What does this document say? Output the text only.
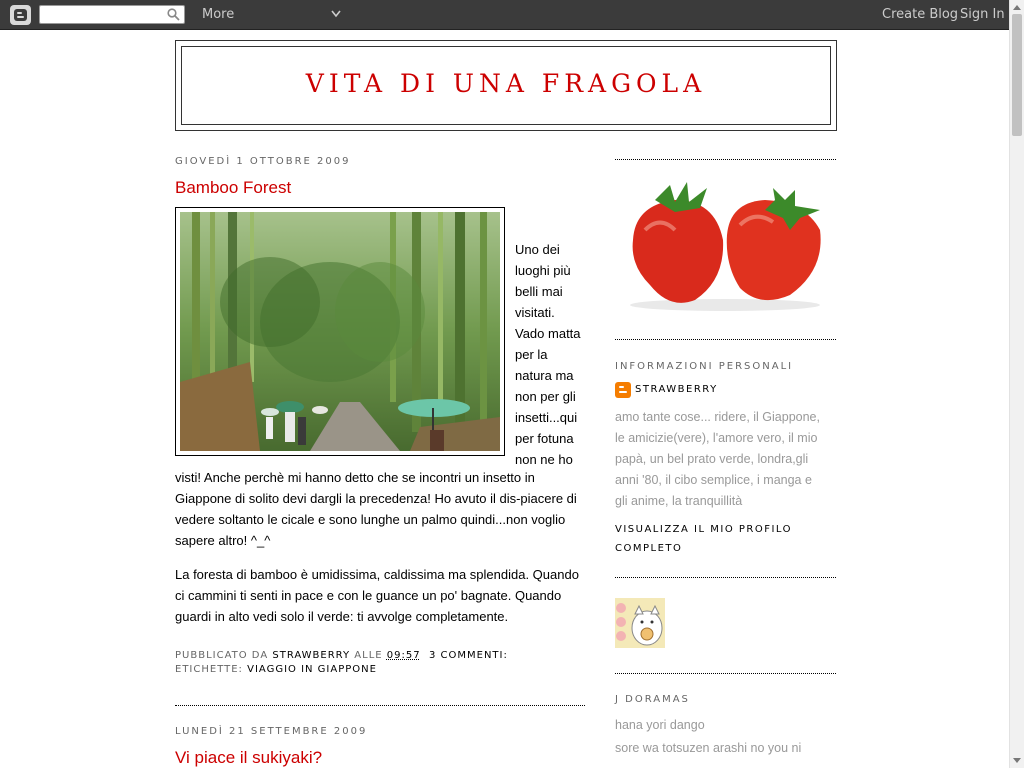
More	Create Blog Sign In
VITA DI UNA FRAGOLA
GIOVEDÌ 1 OTTOBRE 2009
Bamboo Forest
Uno dei
luoghi più
belli mai
visitati.
Vado matta
per la
natura ma
non per gli
insetti...qui
per fotuna
non ne ho
visti! Anche perchè mi hanno detto che se incontri un insetto in
Giappone di solito devi dargli la precedenza! Ho avuto il dis-piacere di
vedere soltanto le cicale e sono lunghe un palmo quindi...non voglio
sapere altro! ^_^
La foresta di bamboo è umidissima, caldissima ma splendida. Quando
ci cammini ti senti in pace e con le guance un po' bagnate. Quando
guardi in alto vedi solo il verde: ti avvolge completamente.
PUBBLICATO DA STRAWBERRY ALLE 09:57 3 COMMENTI:
ETICHETTE: VIAGGIO IN GIAPPONE
LUNEDÌ 21 SETTEMBRE 2009
Vi piace il sukiyaki?
INFORMAZIONI PERSONALI
STRAWBERRY
amo tante cose... ridere, il Giappone,
le amicizie(vere), l'amore vero, il mio
papà, un bel prato verde, londra,gli
anni '80, il cibo semplice, i manga e
gli anime, la tranquillità
VISUALIZZA IL MIO PROFILO
COMPLETO
J DORAMAS
hana yori dango
sore wa totsuzen arashi no you ni
